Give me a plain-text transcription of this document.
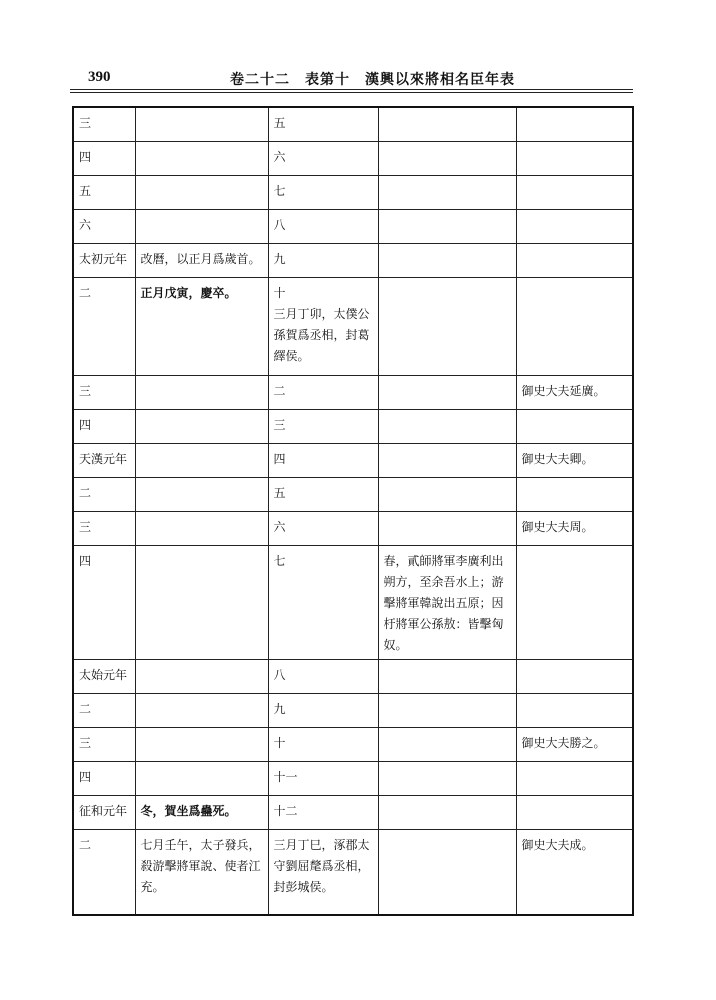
390	卷二十二　表第十　漢興以來將相名臣年表
三		五		
四		六		
五		七		
六		八		
太初元年	改曆，以正月爲歲首。	九		
二	正月戊寅，慶卒。	十
三月丁卯，太僕公孫賀爲丞相，封葛繹侯。		
三		二		御史大夫延廣。
四		三		
天漢元年		四		御史大夫卿。
二		五		
三		六		御史大夫周。
四		七	春，貳師將軍李廣利出朔方，至余吾水上；游擊將軍韓說出五原；因杅將軍公孫敖：皆擊匈奴。	
太始元年		八		
二		九		
三		十		御史大夫勝之。
四		十一		
征和元年	冬，賀坐爲蠱死。	十二		
二	七月壬午，太子發兵，殺游擊將軍說、使者江充。	三月丁巳，涿郡太守劉屈氂爲丞相，封彭城侯。		御史大夫成。
